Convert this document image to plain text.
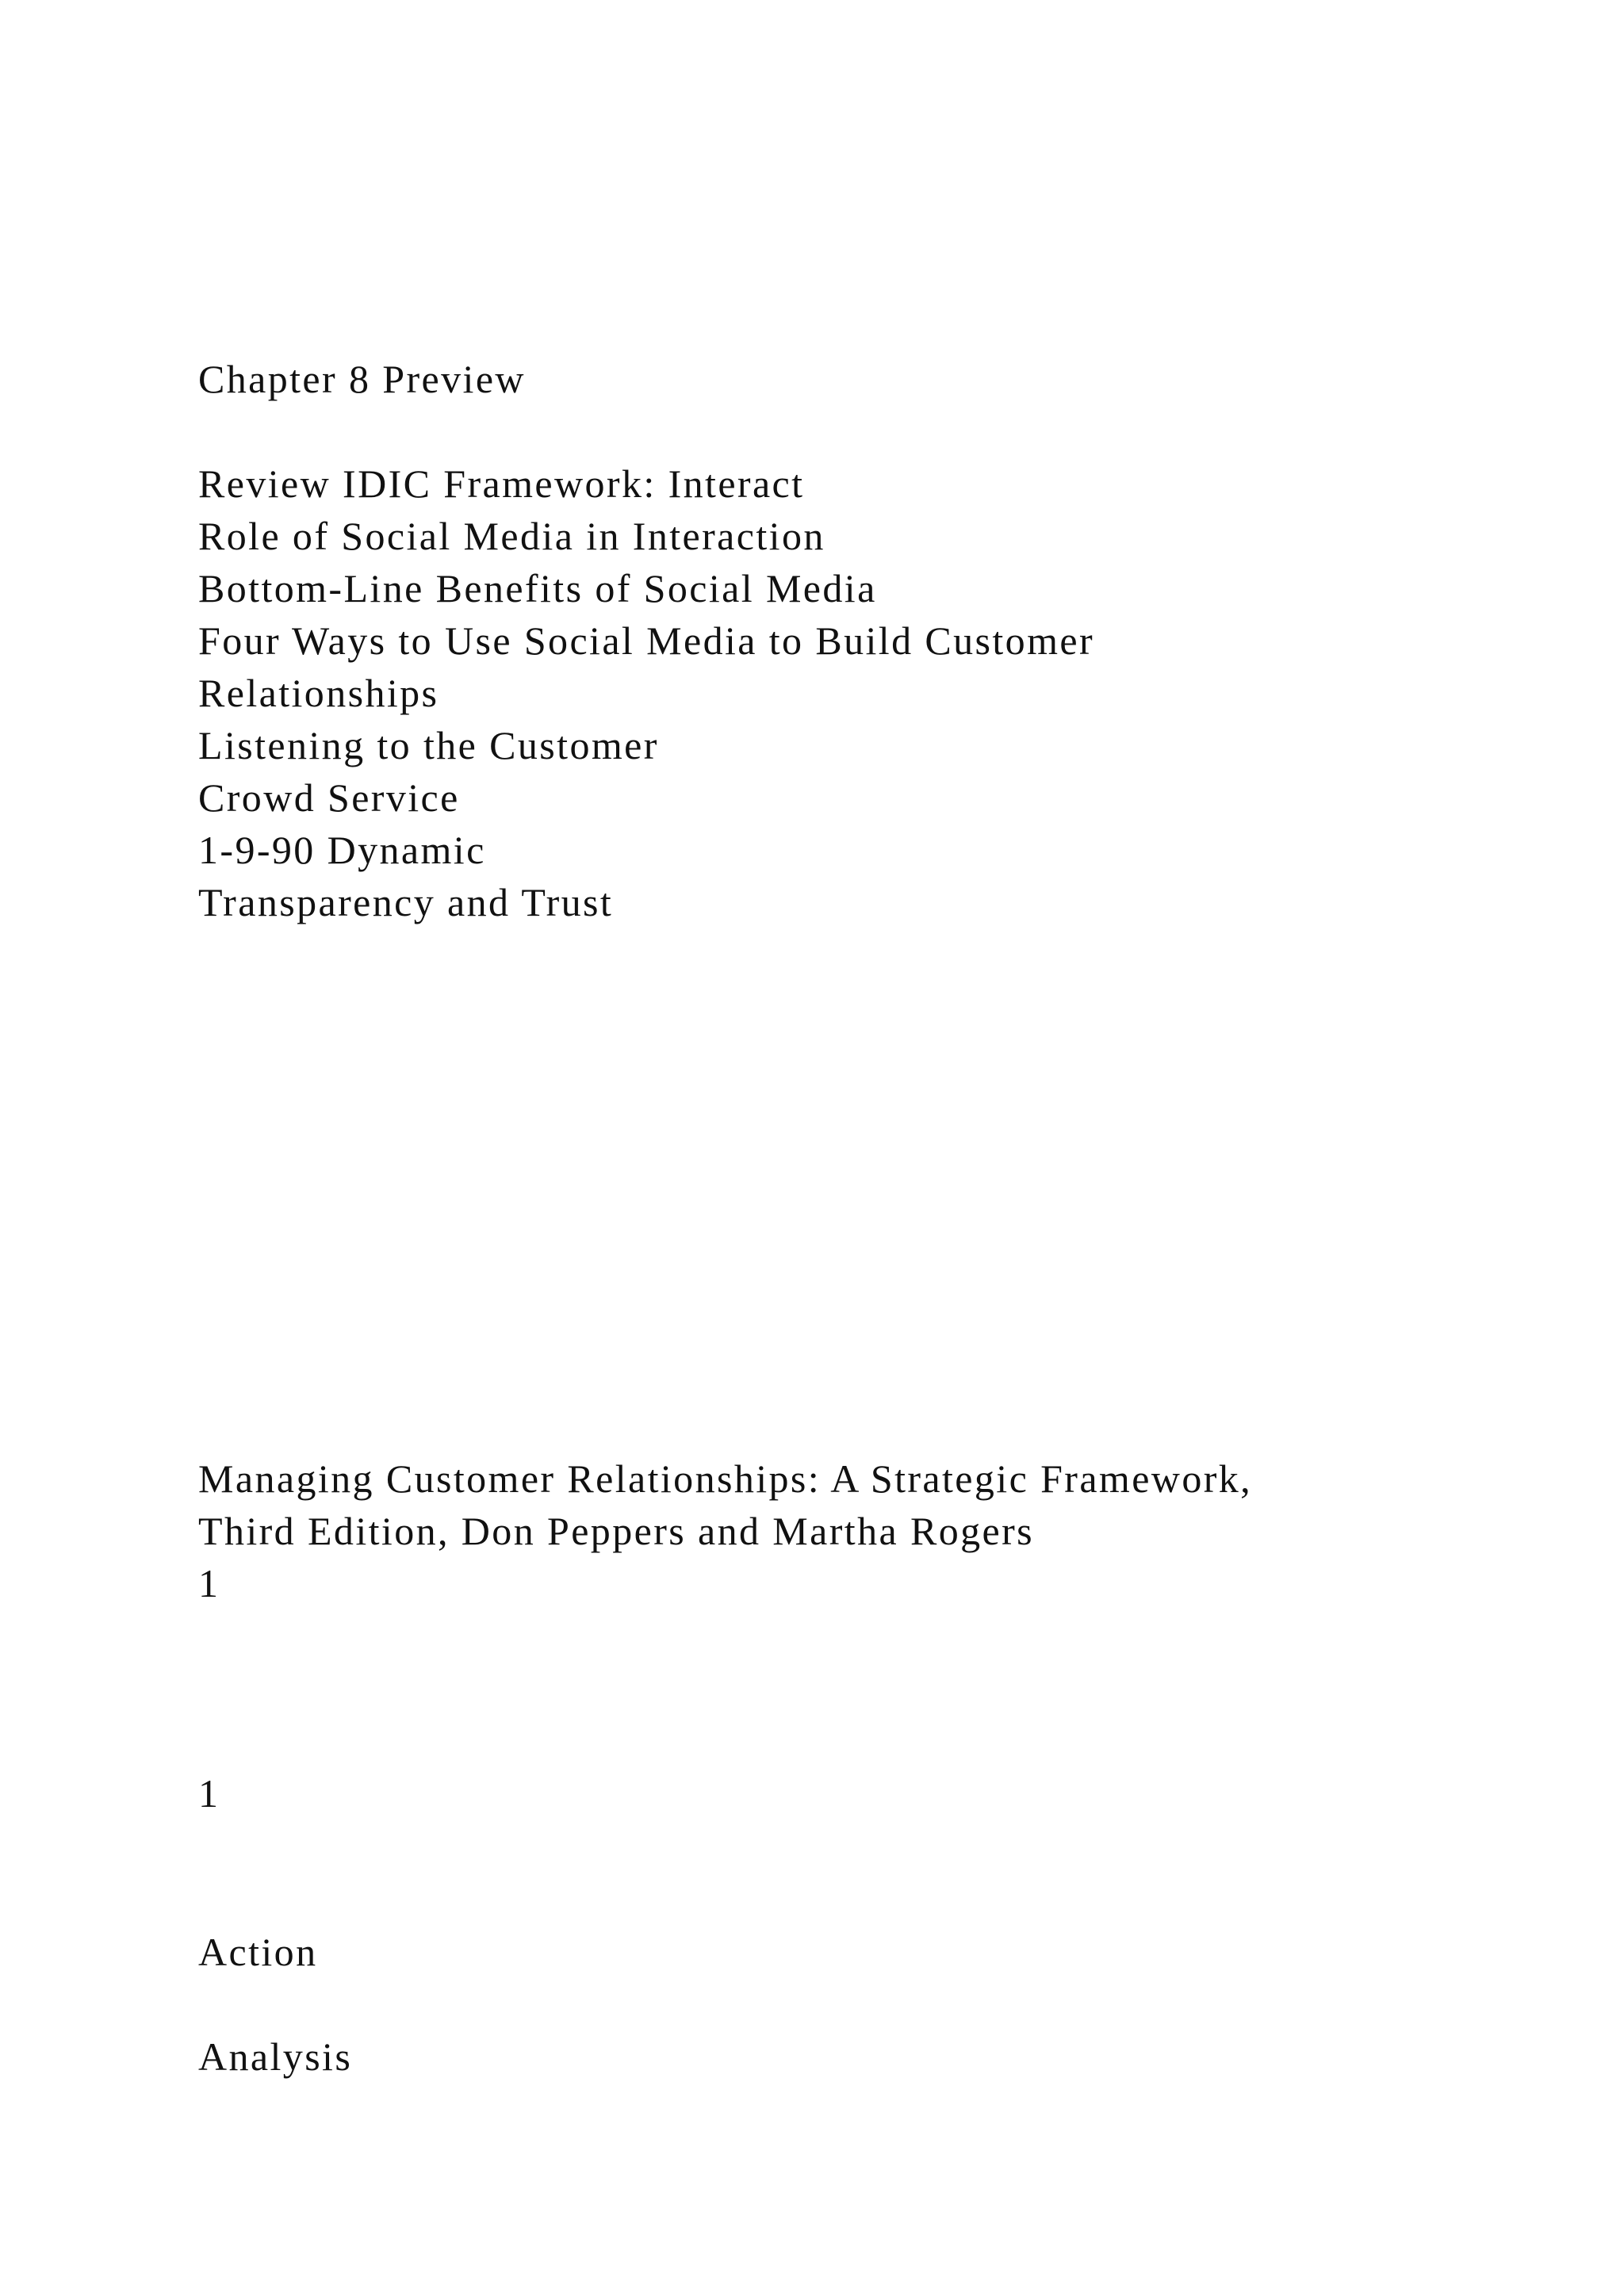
Chapter 8 Preview

Review IDIC Framework: Interact

Role of Social Media in Interaction

Bottom-Line Benefits of Social Media

Four Ways to Use Social Media to Build Customer

Relationships

Listening to the Customer

Crowd Service

1-9-90 Dynamic

Transparency and Trust

Managing Customer Relationships: A Strategic Framework,

Third Edition, Don Peppers and Martha Rogers

1

1

Action

Analysis
